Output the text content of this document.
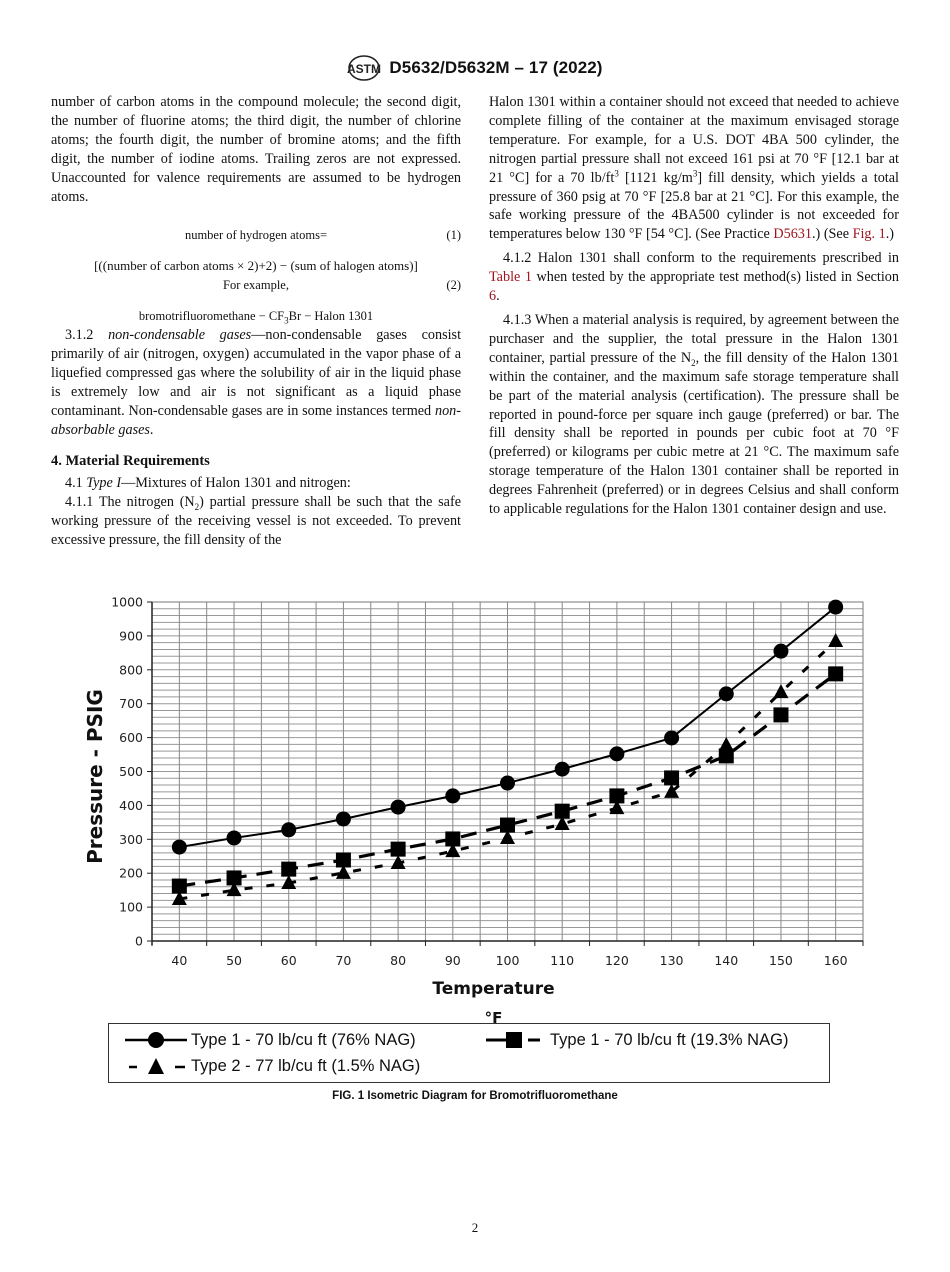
ASTM D5632/D5632M – 17 (2022)

number of carbon atoms in the compound molecule; the second digit, the number of fluorine atoms; the third digit, the number of chlorine atoms; the fourth digit, the number of bromine atoms; and the fifth digit, the number of iodine atoms. Trailing zeros are not expressed. Unaccounted for valence requirements are assumed to be hydrogen atoms.

number of hydrogen atoms=	(1)
[((number of carbon atoms × 2)+2) − (sum of halogen atoms)]
For example,	(2)
bromotrifluoromethane − $CF_3Br$ − Halon 1301

3.1.2 non-condensable gases—non-condensable gases consist primarily of air (nitrogen, oxygen) accumulated in the vapor phase of a liquefied compressed gas where the solubility of air in the liquid phase is extremely low and air is not significant as a liquid phase contaminant. Non-condensable gases are in some instances termed non-absorbable gases.

4. Material Requirements

4.1 Type I—Mixtures of Halon 1301 and nitrogen:

4.1.1 The nitrogen $(N_2)$ partial pressure shall be such that the safe working pressure of the receiving vessel is not exceeded. To prevent excessive pressure, the fill density of the

Halon 1301 within a container should not exceed that needed to achieve complete filling of the container at the maximum envisaged storage temperature. For example, for a U.S. DOT 4BA 500 cylinder, the nitrogen partial pressure shall not exceed 161 psi at 70 °F [12.1 bar at 21 °C] for a 70 $lb/ft^3$ [1121 $kg/m^3$] fill density, which yields a total pressure of 360 psig at 70 °F [25.8 bar at 21 °C]. For this example, the safe working pressure of the 4BA500 cylinder is not exceeded for temperatures below 130 °F [54 °C]. (See Practice D5631.) (See Fig. 1.)

4.1.2 Halon 1301 shall conform to the requirements prescribed in Table 1 when tested by the appropriate test method(s) listed in Section 6.

4.1.3 When a material analysis is required, by agreement between the purchaser and the supplier, the total pressure in the Halon 1301 container, partial pressure of the $N_2$, the fill density of the Halon 1301 within the container, and the maximum safe storage temperature shall be part of the material analysis (certification). The pressure shall be reported in pound-force per square inch gauge (preferred) or bar. The fill density shall be reported in pounds per cubic foot at 70 °F (preferred) or kilograms per cubic metre at 21 °C. The maximum safe storage temperature of the Halon 1301 container shall be reported in degrees Fahrenheit (preferred) or in degrees Celsius and shall conform to applicable regulations for the Halon 1301 container design and use.

0
100
200
300
400
500
600
700
800
900
1000
40	50	60	70	80	90	100 110 120 130 140 150 160
Temperature
°F
Pressure - PSIG
Type 1 - 70 lb/cu ft (76% NAG)	Type 1 - 70 lb/cu ft (19.3% NAG)
Type 2 - 77 lb/cu ft (1.5% NAG)
FIG. 1 Isometric Diagram for Bromotrifluoromethane
2
